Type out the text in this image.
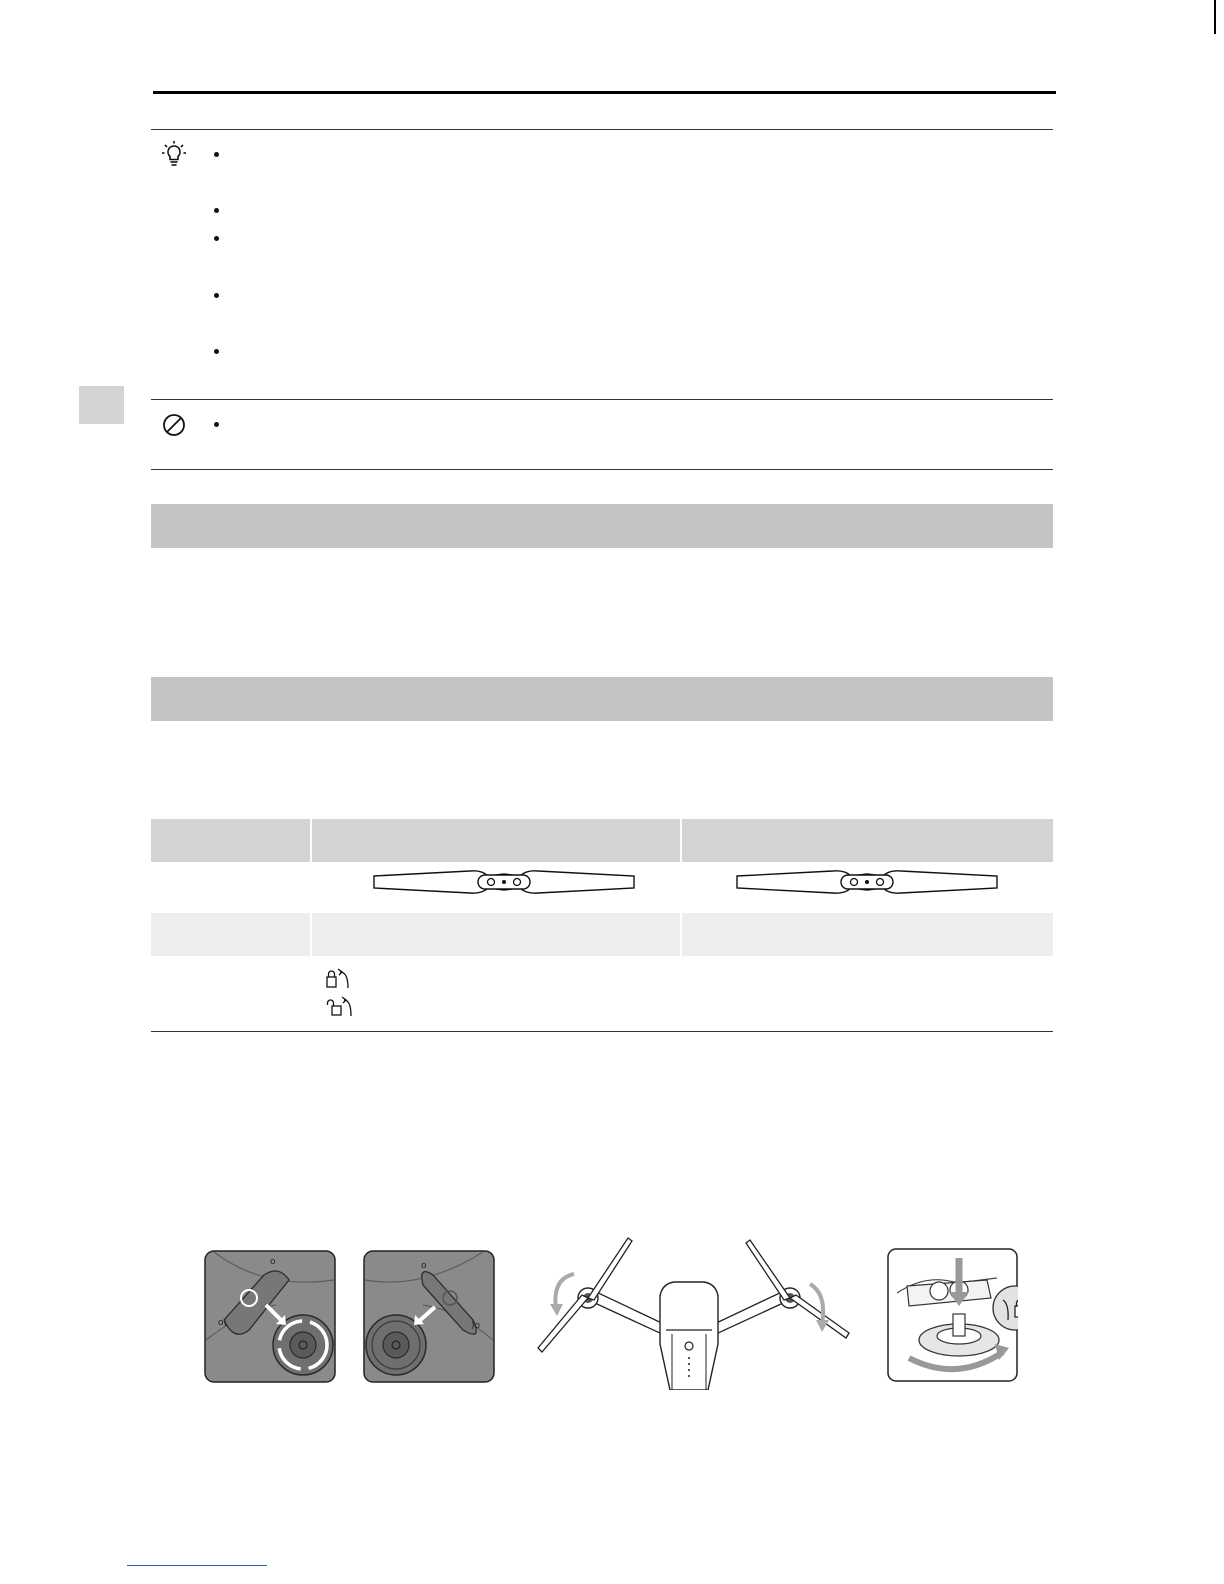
o(
o	o
)o
